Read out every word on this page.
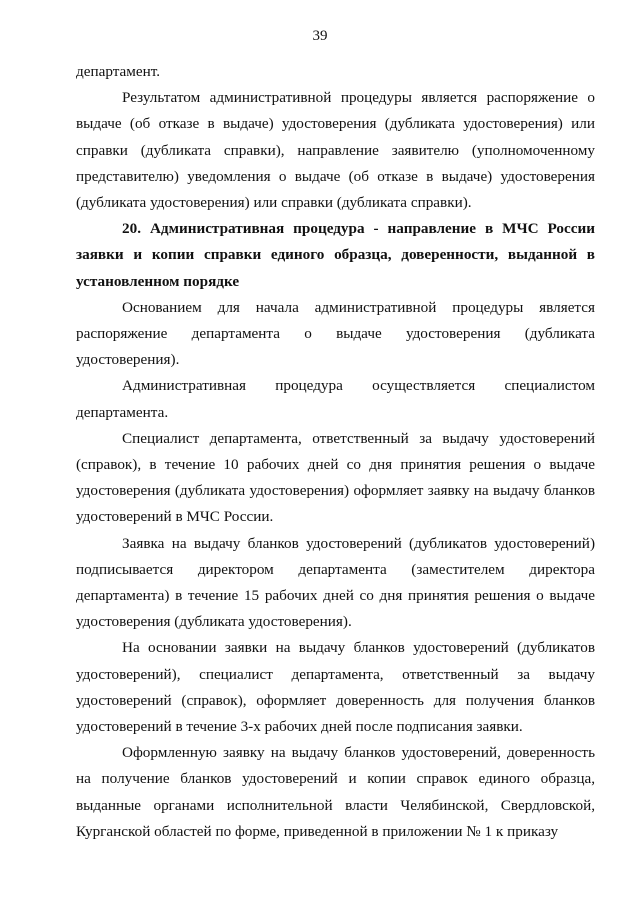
39

департамент.

Результатом административной процедуры является распоряжение о выдаче (об отказе в выдаче) удостоверения (дубликата удостоверения) или справки (дубликата справки), направление заявителю (уполномоченному представителю) уведомления о выдаче (об отказе в выдаче) удостоверения (дубликата удостоверения) или справки (дубликата справки).

20. Административная процедура - направление в МЧС России заявки и копии справки единого образца, доверенности, выданной в установленном порядке

Основанием для начала административной процедуры является распоряжение департамента о выдаче удостоверения (дубликата удостоверения).

Административная процедура осуществляется специалистом департамента.

Специалист департамента, ответственный за выдачу удостоверений (справок), в течение 10 рабочих дней со дня принятия решения о выдаче удостоверения (дубликата удостоверения) оформляет заявку на выдачу бланков удостоверений в МЧС России.

Заявка на выдачу бланков удостоверений (дубликатов удостоверений) подписывается директором департамента (заместителем директора департамента) в течение 15 рабочих дней со дня принятия решения о выдаче удостоверения (дубликата удостоверения).

На основании заявки на выдачу бланков удостоверений (дубликатов удостоверений), специалист департамента, ответственный за выдачу удостоверений (справок), оформляет доверенность для получения бланков удостоверений в течение 3-х рабочих дней после подписания заявки.

Оформленную заявку на выдачу бланков удостоверений, доверенность на получение бланков удостоверений и копии справок единого образца, выданные органами исполнительной власти Челябинской, Свердловской, Курганской областей по форме, приведенной в приложении № 1 к приказу
